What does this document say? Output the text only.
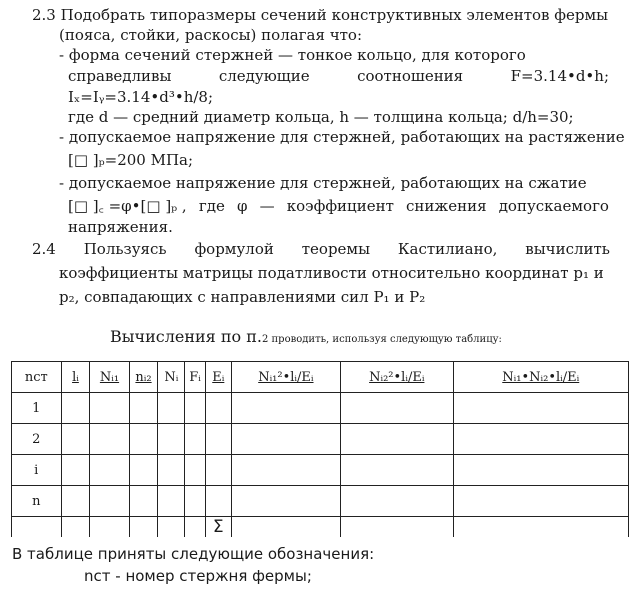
2.3 Подобрать типоразмеры сечений конструктивных элементов фермы
(пояса, стойки, раскосы) полагая что:
- форма сечений стержней — тонкое кольцо, для которого
справедливы	следующие	соотношения	F=3.14•d•h;
Iₓ=Iᵧ=3.14•d³•h/8;
где d — средний диаметр кольца, h — толщина кольца; d/h=30;
- допускаемое напряжение для стержней, работающих на растяжение
[□ ]ₚ=200 МПа;
- допускаемое напряжение для стержней, работающих на сжатие
[□ ]꜀ =φ•[□ ]ₚ , где φ — коэффициент снижения допускаемого
напряжения.
2.4 Пользуясь формулой теоремы Кастилиано, вычислить
коэффициенты матрицы податливости относительно координат p₁ и
p₂, совпадающих с направлениями сил P₁ и P₂
Вычисления по п.2 проводить, используя следующую таблицу:
nст	lᵢ	Nᵢ₁	nᵢ₂	Nᵢ	Fᵢ	Eᵢ	Nᵢ₁²•lᵢ/Eᵢ	Nᵢ₂²•lᵢ/Eᵢ	Nᵢ₁•Nᵢ₂•lᵢ/Eᵢ
1									
2									
i									
n									
						Σ			
В таблице приняты следующие обозначения:
nст - номер стержня фермы;
